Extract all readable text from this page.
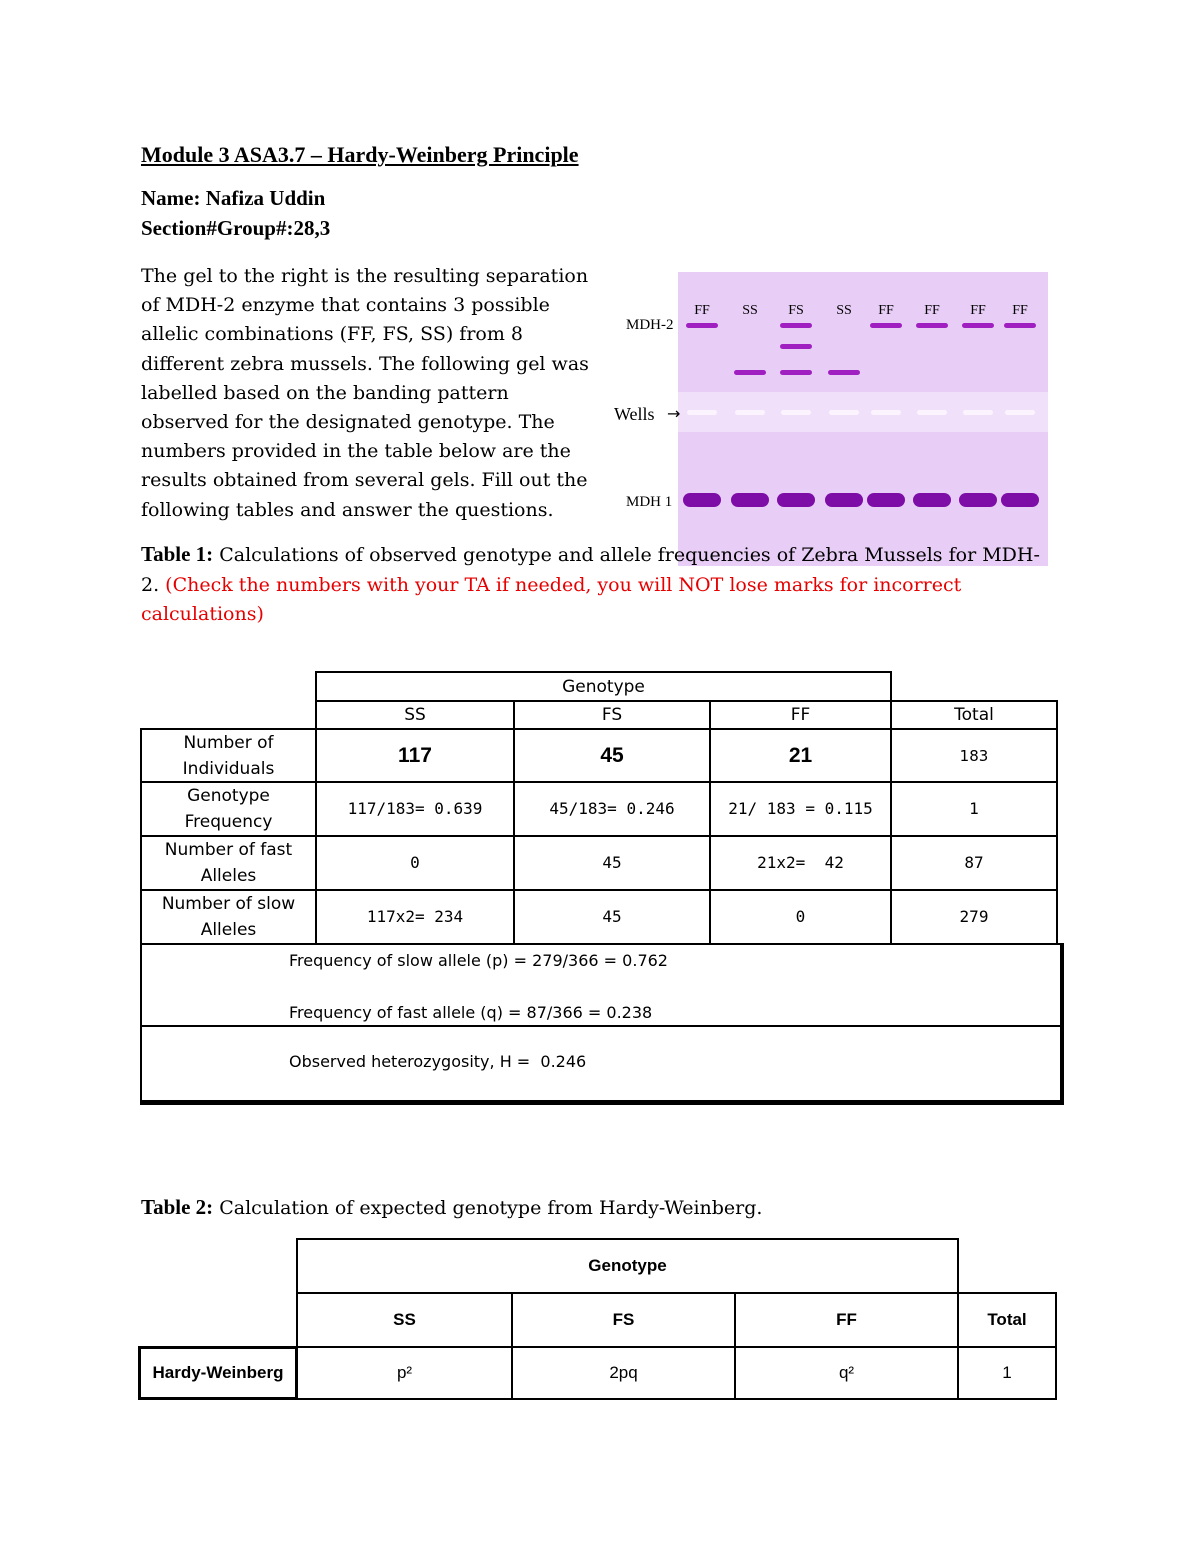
Module 3 ASA3.7 – Hardy-Weinberg Principle
Name: Nafiza Uddin
Section#Group#:28,3
The gel to the right is the resulting separation of MDH-2 enzyme that contains 3 possible allelic combinations (FF, FS, SS) from 8 different zebra mussels. The following gel was labelled based on the banding pattern observed for the designated genotype. The numbers provided in the table below are the results obtained from several gels. Fill out the following tables and answer the questions.
FF SS FS SS FF FF FF FF
MDH-2
Wells →
MDH 1
Table 1: Calculations of observed genotype and allele frequencies of Zebra Mussels for MDH-2. (Check the numbers with your TA if needed, you will NOT lose marks for incorrect calculations)
Genotype
SS	FS	FF	Total
Number of Individuals
117	45	21	183
Genotype Frequency
117/183= 0.639	45/183= 0.246	21/ 183 = 0.115	1
Number of fast Alleles
0	45	21x2=  42	87
Number of slow Alleles
117x2= 234	45	0	279
Frequency of slow allele (p) = 279/366 = 0.762
Frequency of fast allele (q) = 87/366 = 0.238
Observed heterozygosity, H =  0.246
Table 2: Calculation of expected genotype from Hardy-Weinberg.
Genotype
SS	FS	FF	Total
Hardy-Weinberg	p²	2pq	q²	1
